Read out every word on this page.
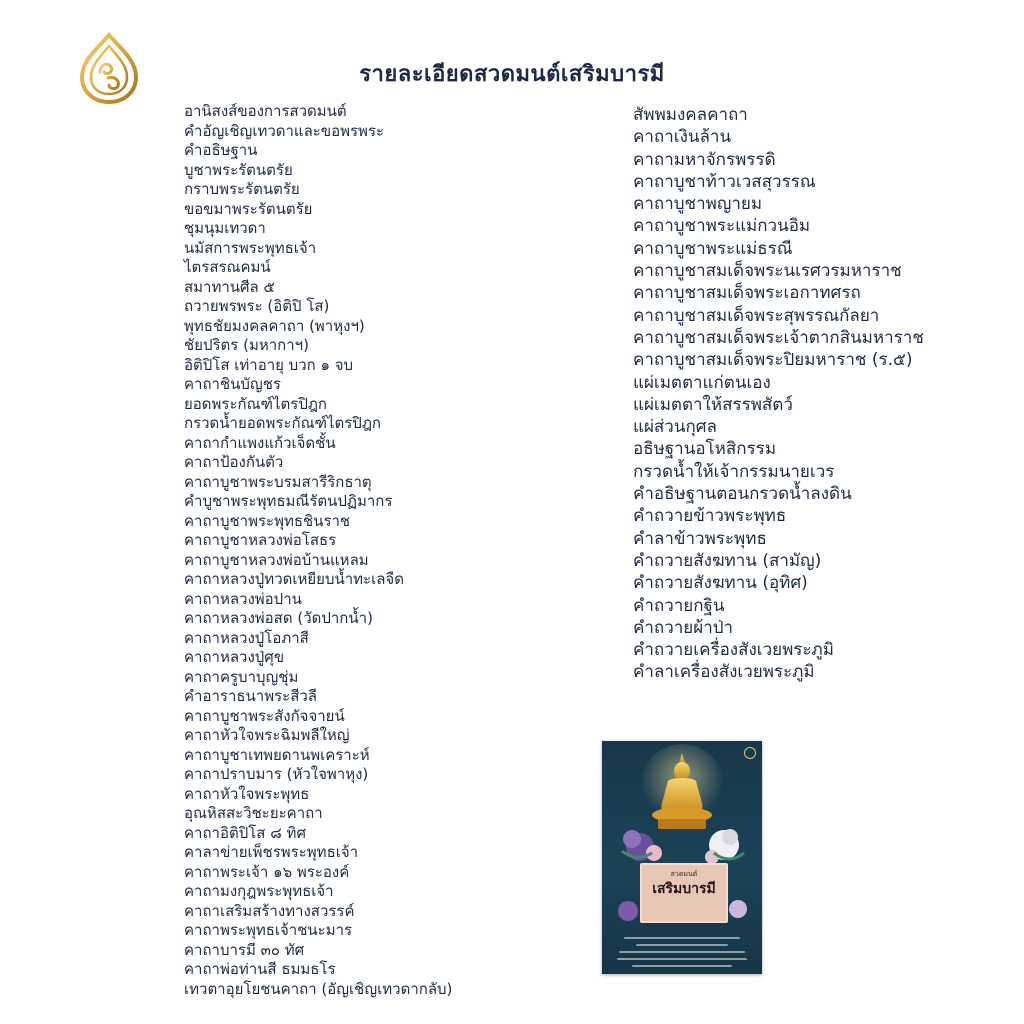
รายละเอียดสวดมนต์เสริมบารมี
อานิสงส์ของการสวดมนต์
คำอัญเชิญเทวดาและขอพรพระ
คำอธิษฐาน
บูชาพระรัตนตรัย
กราบพระรัตนตรัย
ขอขมาพระรัตนตรัย
ชุมนุมเทวดา
นมัสการพระพุทธเจ้า
ไตรสรณคมน์
สมาทานศีล ๕
ถวายพรพระ (อิติปิ โส)
พุทธชัยมงคลคาถา (พาหุงฯ)
ชัยปริตร (มหากาฯ)
อิติปิโส เท่าอายุ บวก ๑ จบ
คาถาชินบัญชร
ยอดพระกัณฑ์ไตรปิฎก
กรวดน้ำยอดพระกัณฑ์ไตรปิฎก
คาถากำแพงแก้วเจ็ดชั้น
คาถาป้องกันตัว
คาถาบูชาพระบรมสารีริกธาตุ
คำบูชาพระพุทธมณีรัตนปฏิมากร
คาถาบูชาพระพุทธชินราช
คาถาบูชาหลวงพ่อโสธร
คาถาบูชาหลวงพ่อบ้านแหลม
คาถาหลวงปู่ทวดเหยียบน้ำทะเลจืด
คาถาหลวงพ่อปาน
คาถาหลวงพ่อสด (วัดปากน้ำ)
คาถาหลวงปู่โอภาสี
คาถาหลวงปู่ศุข
คาถาครูบาบุญชุ่ม
คำอาราธนาพระสีวลี
คาถาบูชาพระสังกัจจายน์
คาถาหัวใจพระฉิมพลีใหญ่
คาถาบูชาเทพยดานพเคราะห์
คาถาปราบมาร (หัวใจพาหุง)
คาถาหัวใจพระพุทธ
อุณหิสสะวิชะยะคาถา
คาถาอิติปิโส ๘ ทิศ
คาลาข่ายเพ็ชรพระพุทธเจ้า
คาถาพระเจ้า ๑๖ พระองค์
คาถามงกุฎพระพุทธเจ้า
คาถาเสริมสร้างทางสวรรค์
คาถาพระพุทธเจ้าชนะมาร
คาถาบารมี ๓๐ ทัศ
คาถาพ่อท่านสี ธมมธโร
เทวตาอุยโยชนคาถา (อัญเชิญเทวดากลับ)
สัพพมงคลคาถา
คาถาเงินล้าน
คาถามหาจักรพรรดิ
คาถาบูชาท้าวเวสสุวรรณ
คาถาบูชาพญายม
คาถาบูชาพระแม่กวนอิม
คาถาบูชาพระแม่ธรณี
คาถาบูชาสมเด็จพระนเรศวรมหาราช
คาถาบูชาสมเด็จพระเอกาทศรถ
คาถาบูชาสมเด็จพระสุพรรณกัลยา
คาถาบูชาสมเด็จพระเจ้าตากสินมหาราช
คาถาบูชาสมเด็จพระปิยมหาราช (ร.๕)
แผ่เมตตาแก่ตนเอง
แผ่เมตตาให้สรรพสัตว์
แผ่ส่วนกุศล
อธิษฐานอโหสิกรรม
กรวดน้ำให้เจ้ากรรมนายเวร
คำอธิษฐานตอนกรวดน้ำลงดิน
คำถวายข้าวพระพุทธ
คำลาข้าวพระพุทธ
คำถวายสังฆทาน (สามัญ)
คำถวายสังฆทาน (อุทิศ)
คำถวายกฐิน
คำถวายผ้าป่า
คำถวายเครื่องสังเวยพระภูมิ
คำลาเครื่องสังเวยพระภูมิ
สวดมนต์
เสริมบารมี
